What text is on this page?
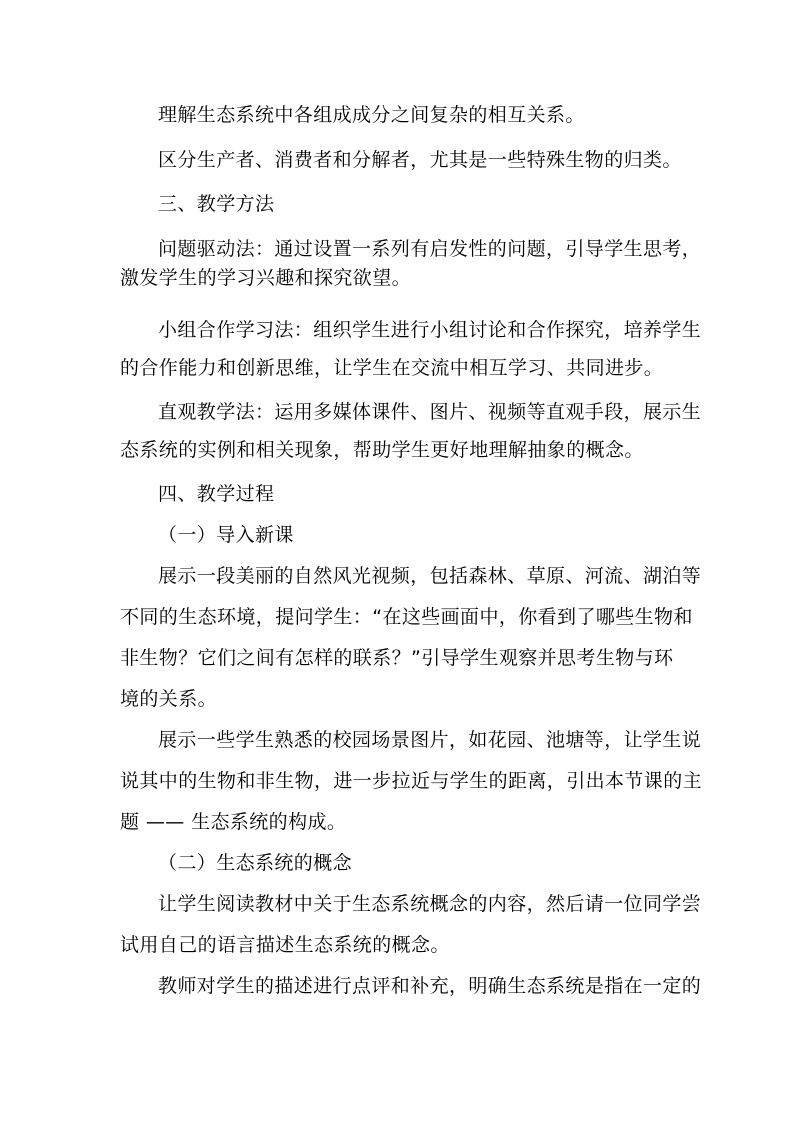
理解生态系统中各组成成分之间复杂的相互关系。
区分生产者、消费者和分解者，尤其是一些特殊生物的归类。
三、教学方法
问题驱动法：通过设置一系列有启发性的问题，引导学生思考，
激发学生的学习兴趣和探究欲望。
小组合作学习法：组织学生进行小组讨论和合作探究，培养学生
的合作能力和创新思维，让学生在交流中相互学习、共同进步。
直观教学法：运用多媒体课件、图片、视频等直观手段，展示生
态系统的实例和相关现象，帮助学生更好地理解抽象的概念。
四、教学过程
（一）导入新课
展示一段美丽的自然风光视频，包括森林、草原、河流、湖泊等
不同的生态环境，提问学生：“在这些画面中，你看到了哪些生物和
非生物？它们之间有怎样的联系？”引导学生观察并思考生物与环
境的关系。
展示一些学生熟悉的校园场景图片，如花园、池塘等，让学生说
说其中的生物和非生物，进一步拉近与学生的距离，引出本节课的主
题 —— 生态系统的构成。
（二）生态系统的概念
让学生阅读教材中关于生态系统概念的内容，然后请一位同学尝
试用自己的语言描述生态系统的概念。
教师对学生的描述进行点评和补充，明确生态系统是指在一定的
